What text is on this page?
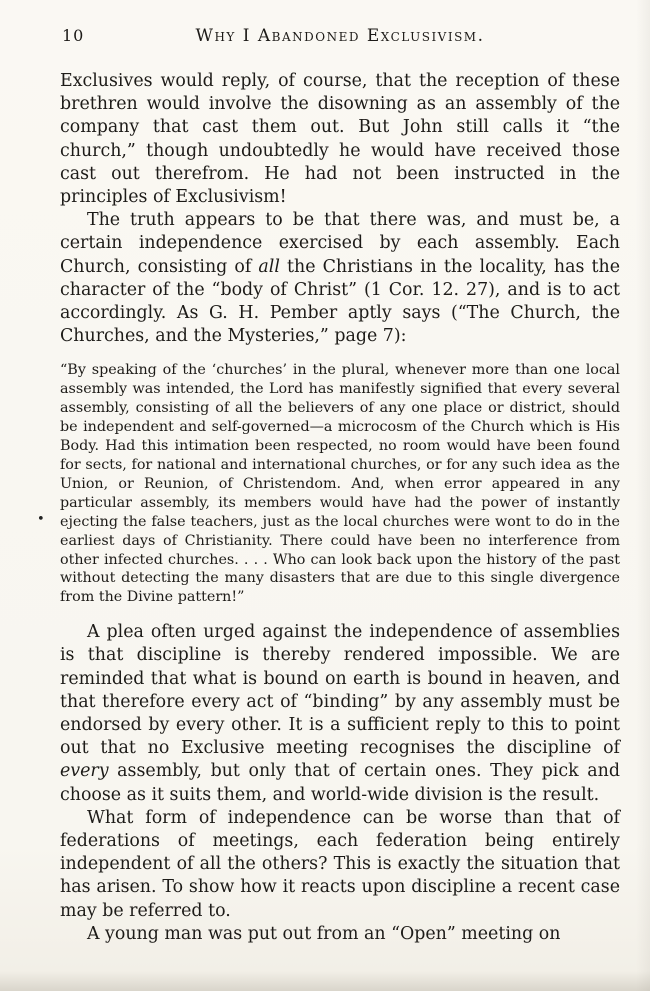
10	Why I Abandoned Exclusivism.

Exclusives would reply, of course, that the reception of these brethren would involve the disowning as an assembly of the company that cast them out. But John still calls it “the church,” though undoubtedly he would have received those cast out therefrom. He had not been instructed in the principles of Exclusivism!

The truth appears to be that there was, and must be, a certain independence exercised by each assembly. Each Church, consisting of all the Christians in the locality, has the character of the “body of Christ” (1 Cor. 12. 27), and is to act accordingly. As G. H. Pember aptly says (“The Church, the Churches, and the Mysteries,” page 7):

“By speaking of the ‘churches’ in the plural, whenever more than one local assembly was intended, the Lord has manifestly signified that every several assembly, consisting of all the believers of any one place or district, should be independent and self-governed—a microcosm of the Church which is His Body. Had this intimation been respected, no room would have been found for sects, for national and international churches, or for any such idea as the Union, or Reunion, of Christendom. And, when error appeared in any particular assembly, its members would have had the power of instantly ejecting the false teachers, just as the local churches were wont to do in the earliest days of Christianity. There could have been no interference from other infected churches. . . . Who can look back upon the history of the past without detecting the many disasters that are due to this single divergence from the Divine pattern!”

A plea often urged against the independence of assemblies is that discipline is thereby rendered impossible. We are reminded that what is bound on earth is bound in heaven, and that therefore every act of “binding” by any assembly must be endorsed by every other. It is a sufficient reply to this to point out that no Exclusive meeting recognises the discipline of every assembly, but only that of certain ones. They pick and choose as it suits them, and world-wide division is the result.

What form of independence can be worse than that of federations of meetings, each federation being entirely independent of all the others? This is exactly the situation that has arisen. To show how it reacts upon discipline a recent case may be referred to.

A young man was put out from an “Open” meeting on

•
